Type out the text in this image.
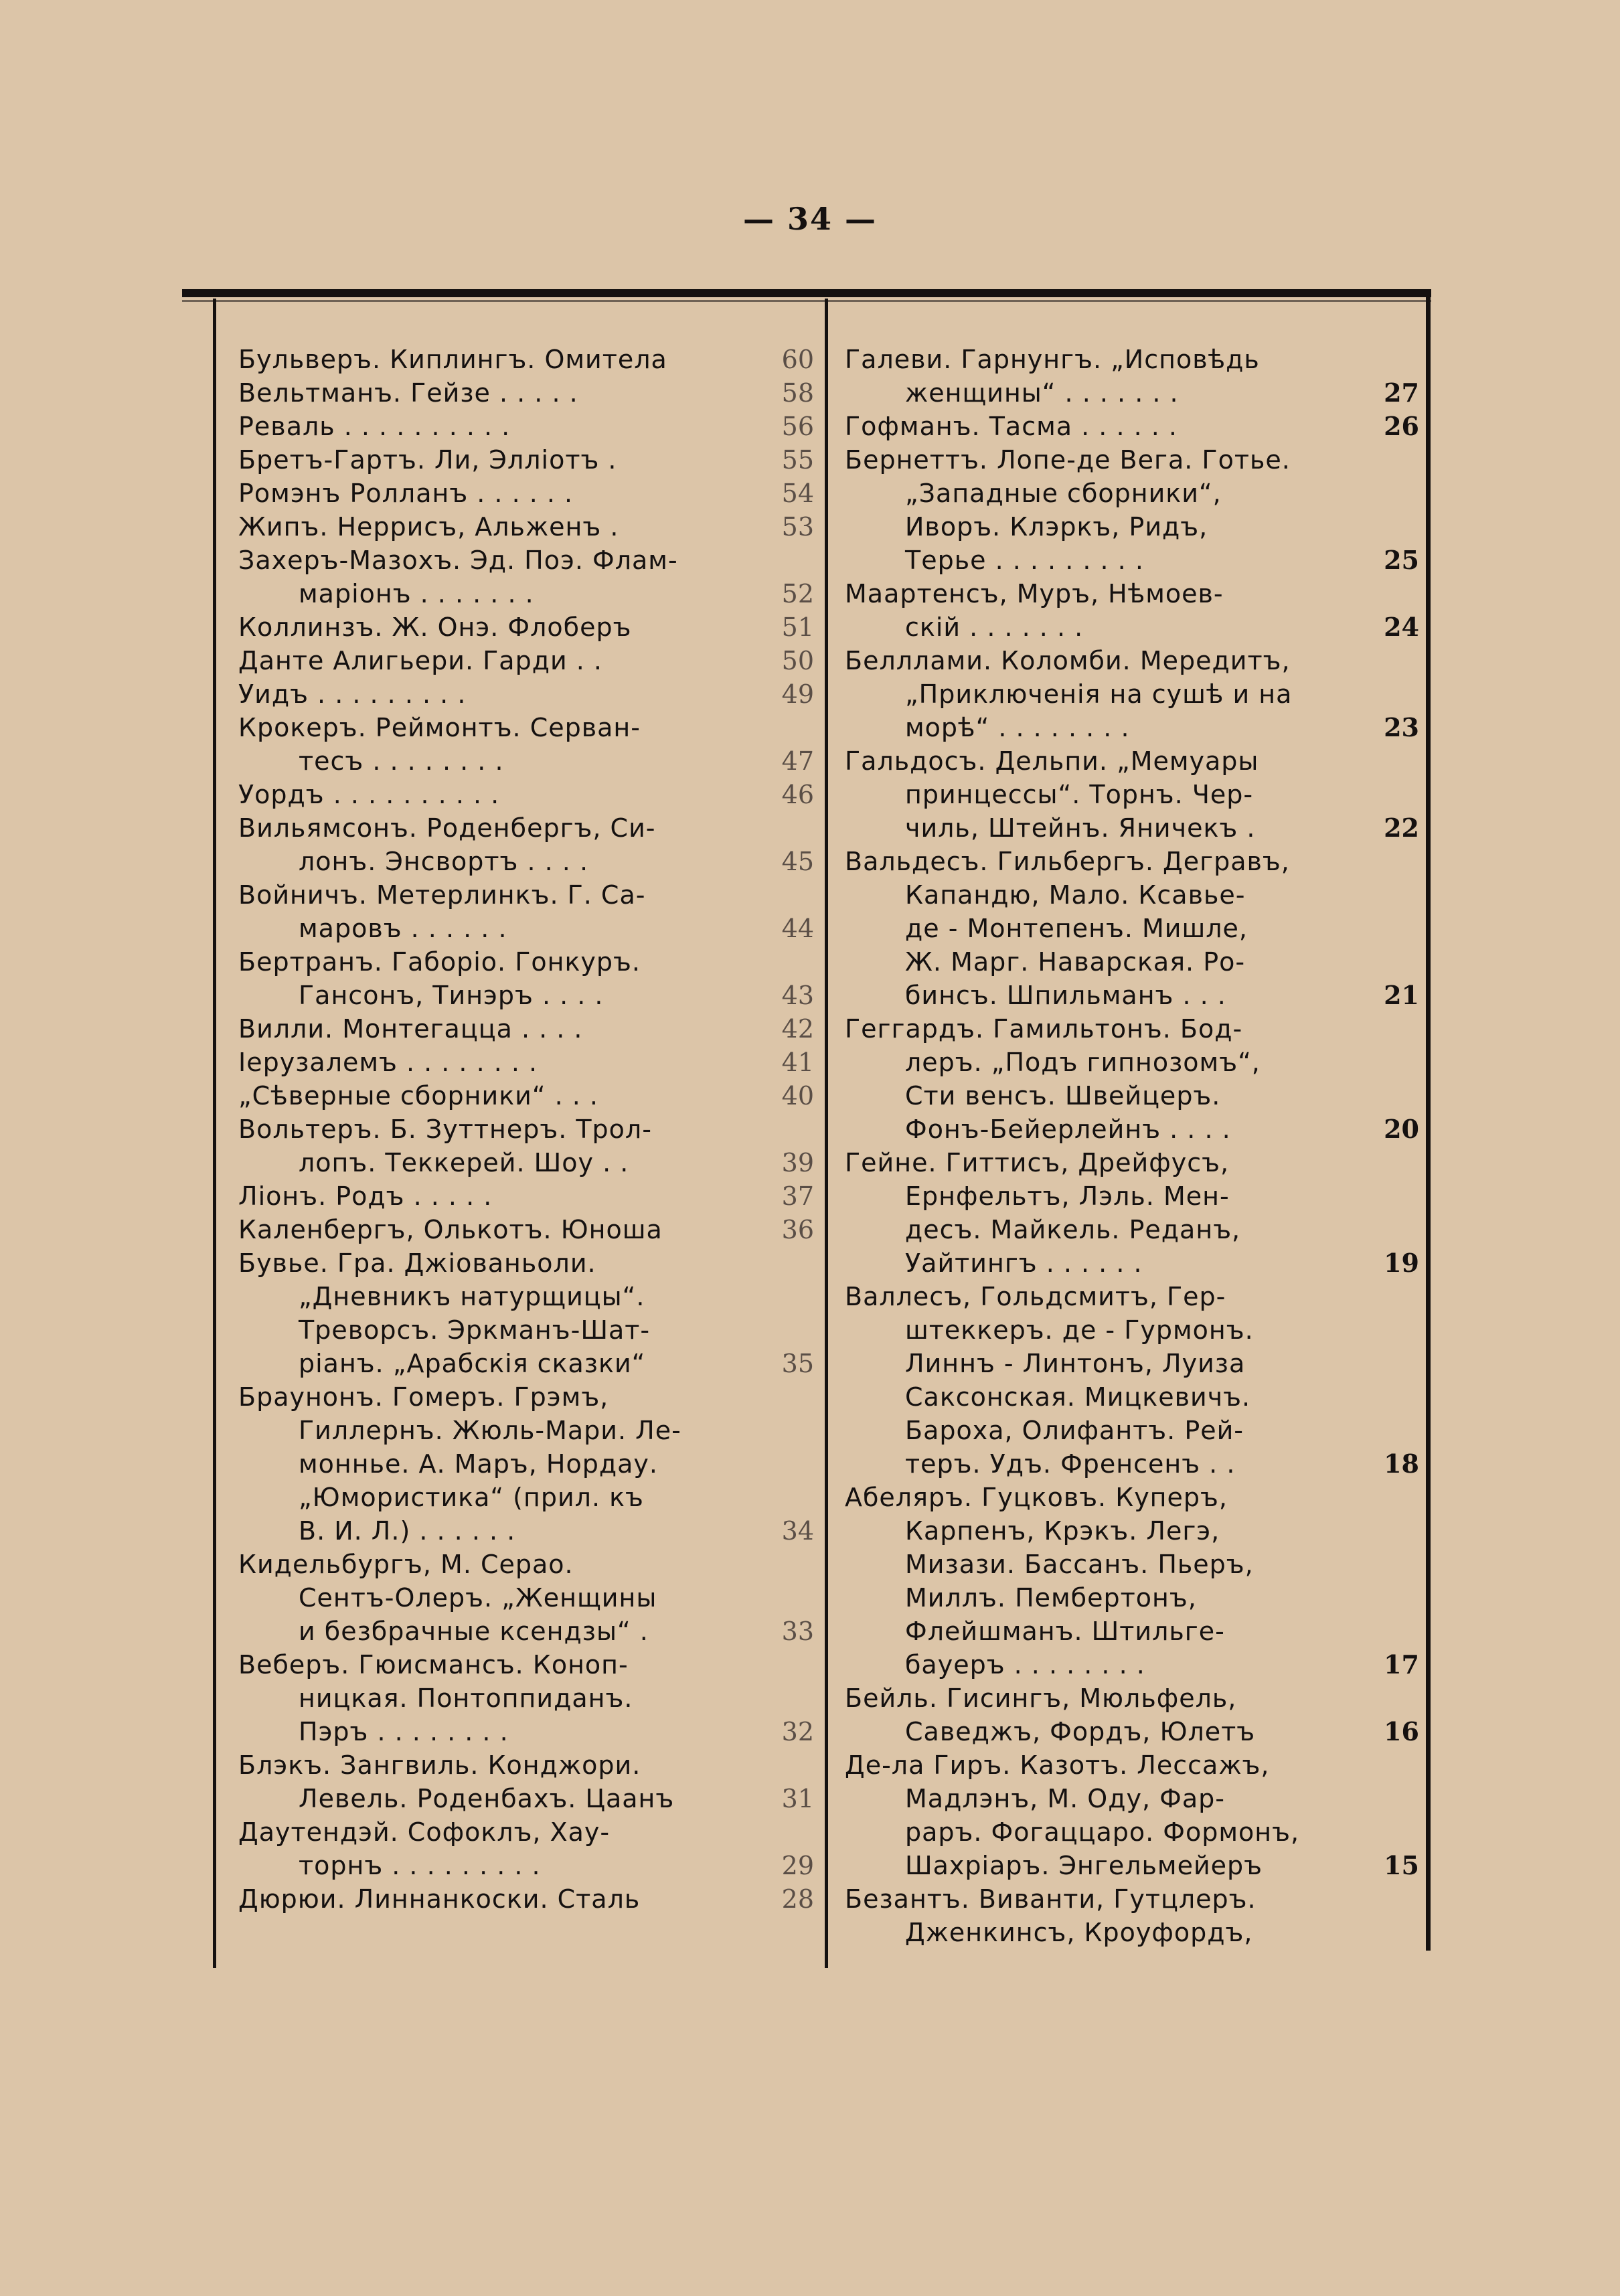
— 34 —
Бульверъ. Киплингъ. Омитела	60
Вельтманъ. Гейзе . . . . .	58
Реваль . . . . . . . . . .	56
Бретъ-Гартъ. Ли, Эллiотъ .	55
Ромэнъ Ролланъ . . . . . .	54
Жипъ. Неррисъ, Альженъ .	53
Захеръ-Мазохъ. Эд. Поэ. Флам-
марiонъ . . . . . . .	52
Коллинзъ. Ж. Онэ. Флоберъ	51
Данте Алигьери. Гарди . .	50
Уидъ . . . . . . . . .	49
Крокеръ. Реймонтъ. Серван-
тесъ . . . . . . . .	47
Уордъ . . . . . . . . . .	46
Вильямсонъ. Роденбергъ, Си-
лонъ. Энсвортъ . . . .	45
Войничъ. Метерлинкъ. Г. Са-
маровъ . . . . . .	44
Бертранъ. Габорiо. Гонкуръ.
Гансонъ, Тинэръ . . . .	43
Вилли. Монтегацца . . . .	42
Iерузалемъ . . . . . . . .	41
„Сѣверные сборники“ . . .	40
Вольтеръ. Б. Зуттнеръ. Трол-
лопъ. Теккерей. Шоу . .	39
Лiонъ. Родъ . . . . .	37
Каленбергъ, Олькотъ. Юноша	36
Бувье. Гра. Джiованьоли.
„Дневникъ натурщицы“.
Треворсъ. Эркманъ-Шат-
рiанъ. „Арабскiя сказки“	35
Браунонъ. Гомеръ. Грэмъ,
Гиллернъ. Жюль-Мари. Ле-
моннье. А. Маръ, Нордау.
„Юмористика“ (прил. къ
В. И. Л.) . . . . . .	34
Кидельбургъ, М. Серао.
Сентъ-Олеръ. „Женщины
и безбрачные ксендзы“ .	33
Веберъ. Гюисмансъ. Коноп-
ницкая. Понтоппиданъ.
Пэръ . . . . . . . .	32
Блэкъ. Зангвиль. Конджори.
Левель. Роденбахъ. Цаанъ	31
Даутендэй. Софоклъ, Хау-
торнъ . . . . . . . . .	29
Дюрюи. Линнанкоски. Сталь	28
Галеви. Гарнунгъ. „Исповѣдь
женщины“ . . . . . . .	27
Гофманъ. Тасма . . . . . .	26
Бернеттъ. Лопе-де Вега. Готье.
„Западные сборники“,
Иворъ. Клэркъ, Ридъ,
Терье . . . . . . . . .	25
Маартенсъ, Муръ, Нѣмоев-
скiй . . . . . . .	24
Белллами. Коломби. Мередитъ,
„Приключенiя на сушѣ и на
морѣ“ . . . . . . . .	23
Гальдосъ. Дельпи. „Мемуары
принцессы“. Торнъ. Чер-
чиль, Штейнъ. Яничекъ .	22
Вальдесъ. Гильбергъ. Дегравъ,
Капандю, Мало. Ксавье-
де - Монтепенъ. Мишле,
Ж. Марг. Наварская. Ро-
бинсъ. Шпильманъ . . .	21
Геггардъ. Гамильтонъ. Бод-
леръ. „Подъ гипнозомъ“,
Сти венсъ. Швейцеръ.
Фонъ-Бейерлейнъ . . . .	20
Гейне. Гиттисъ, Дрейфусъ,
Ернфельтъ, Лэль. Мен-
десъ. Майкель. Реданъ,
Уайтингъ . . . . . .	19
Валлесъ, Гольдсмитъ, Гер-
штеккеръ. де - Гурмонъ.
Линнъ - Линтонъ, Луиза
Саксонская. Мицкевичъ.
Бароха, Олифантъ. Рей-
теръ. Удъ. Френсенъ . .	18
Абеляръ. Гуцковъ. Куперъ,
Карпенъ, Крэкъ. Легэ,
Мизази. Бассанъ. Пьеръ,
Миллъ. Пембертонъ,
Флейшманъ. Штильге-
бауеръ . . . . . . . .	17
Бейль. Гисингъ, Мюльфель,
Саведжъ, Фордъ, Юлетъ	16
Де-ла Гиръ. Казотъ. Лессажъ,
Мадлэнъ, М. Оду, Фар-
раръ. Фогаццаро. Формонъ,
Шахрiаръ. Энгельмейеръ	15
Безантъ. Виванти, Гутцлеръ.
Дженкинсъ, Кроуфордъ,
